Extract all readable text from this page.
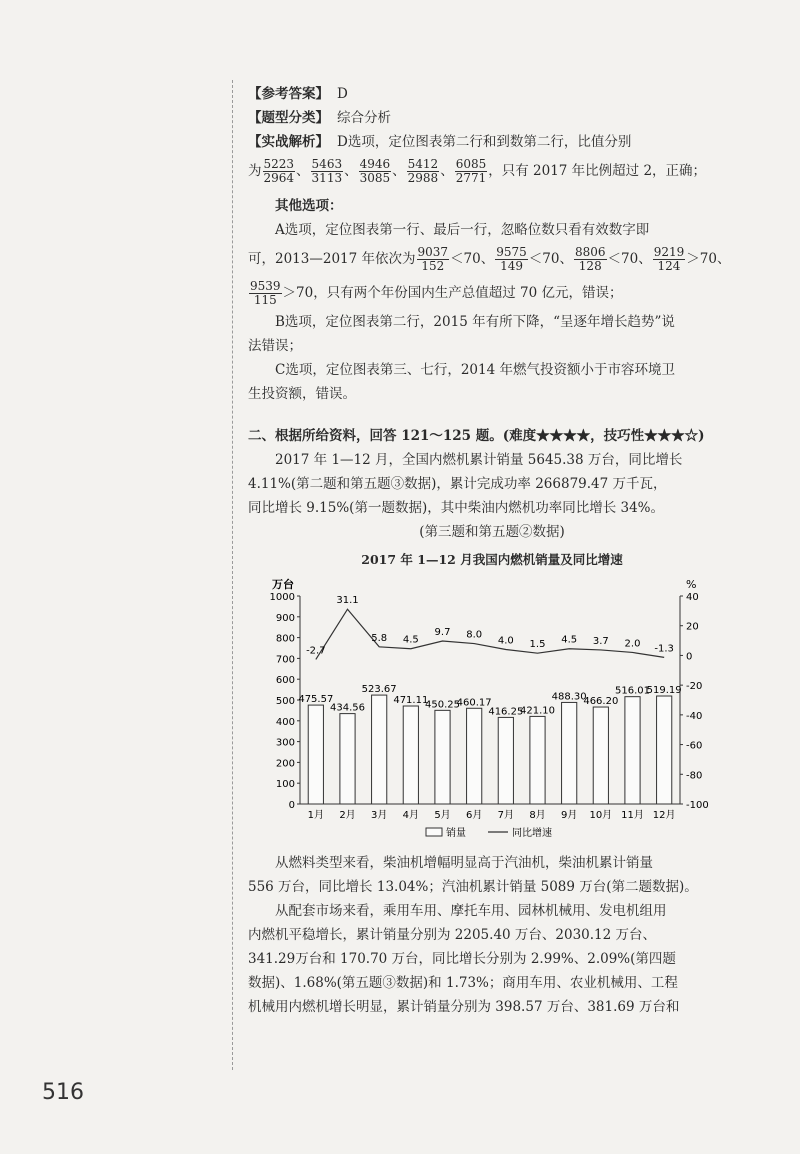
【参考答案】 D
【题型分类】 综合分析
【实战解析】 D选项，定位图表第二行和到数第二行，比值分别
为 $\frac{5223}{2964}$ 、 $\frac{5463}{3113}$ 、 $\frac{4946}{3085}$ 、 $\frac{5412}{2988}$ 、 $\frac{6085}{2771}$ ，只有 2017 年比例超过 2，正确；
其他选项：
A选项，定位图表第一行、最后一行，忽略位数只看有效数字即
可，2013—2017 年依次为 $\frac{9037}{152} <70$、 $\frac{9575}{149} <70$、 $\frac{8806}{128} <70$、 $\frac{9219}{124} >70$、
$\frac{9539}{115} >70$，只有两个年份国内生产总值超过 70 亿元，错误；
B选项，定位图表第二行，2015 年有所下降，“呈逐年增长趋势”说
法错误；
C选项，定位图表第三、七行，2014 年燃气投资额小于市容环境卫
生投资额，错误。
二、根据所给资料，回答 121～125 题。(难度★★★★，技巧性★★★☆)
2017 年 1—12 月，全国内燃机累计销量 5645.38 万台，同比增长
4.11%(第二题和第五题③数据)，累计完成功率 266879.47 万千瓦，
同比增长 9.15%(第一题数据)，其中柴油内燃机功率同比增长 34%。
(第三题和第五题②数据)
2017 年 1—12 月我国内燃机销量及同比增速
万台	%
0
100
200
300
400
500
600
700
800
900
1000	40
20
0
-20
-40
-60
-80
-100
475.57
434.56
523.67
471.11
450.25
460.17
416.25
421.10
488.30
466.20
516.01
519.19
-2.7
31.1
5.8 4.5
9.7 8.0
4.0 1.5 4.5 3.7 2.0 -1.3
1月 2月 3月 4月 5月 6月 7月 8月 9月 10月 11月 12月
销量	同比增速
从燃料类型来看，柴油机增幅明显高于汽油机，柴油机累计销量
556 万台，同比增长 13.04%；汽油机累计销量 5089 万台(第二题数据)。
从配套市场来看，乘用车用、摩托车用、园林机械用、发电机组用
内燃机平稳增长，累计销量分别为 2205.40 万台、2030.12 万台、
341.29万台和 170.70 万台，同比增长分别为 2.99%、2.09%(第四题
数据)、1.68%(第五题③数据)和 1.73%；商用车用、农业机械用、工程
机械用内燃机增长明显，累计销量分别为 398.57 万台、381.69 万台和
516
